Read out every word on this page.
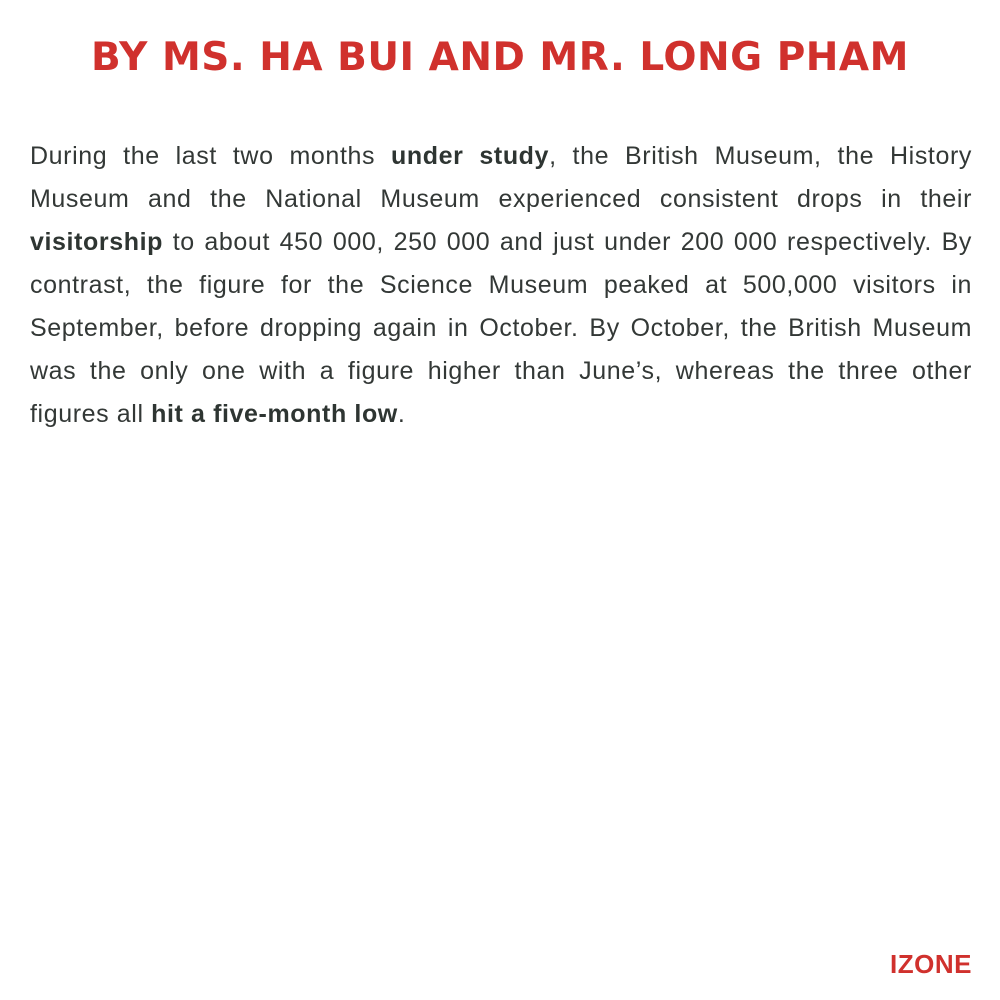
BY MS. HA BUI AND MR. LONG PHAM

During the last two months under study, the British Museum, the History Museum and the National Museum experienced consistent drops in their visitorship to about 450 000, 250 000 and just under 200 000 respectively. By contrast, the figure for the Science Museum peaked at 500,000 visitors in September, before dropping again in October. By October, the British Museum was the only one with a figure higher than June’s, whereas the three other figures all hit a five-month low.

IZONE
